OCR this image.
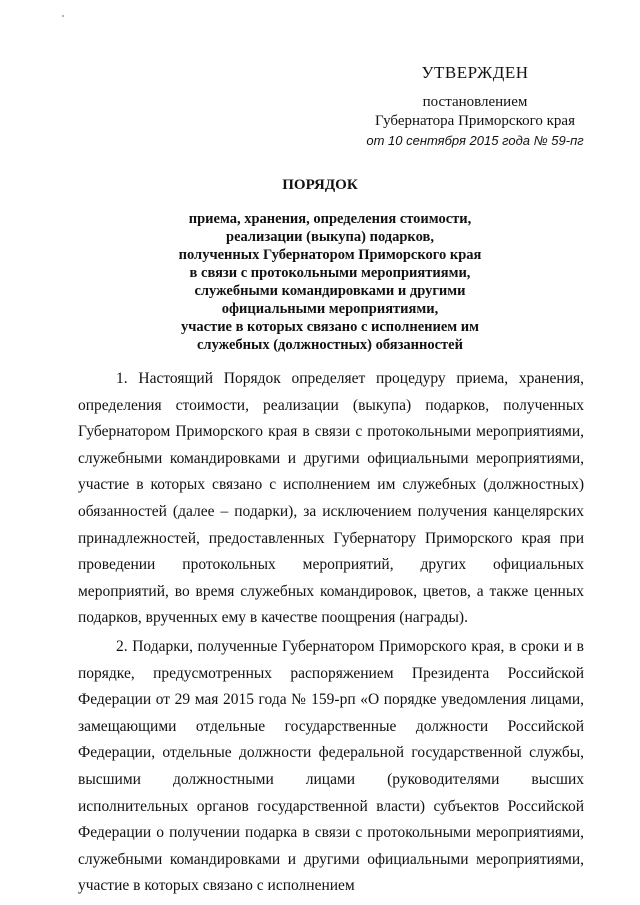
УТВЕРЖДЕН
постановлением
Губернатора Приморского края
от 10 сентября 2015 года № 59-пг
ПОРЯДОК
приема, хранения, определения стоимости,
реализации (выкупа) подарков,
полученных Губернатором Приморского края
в связи с протокольными мероприятиями,
служебными командировками и другими
официальными мероприятиями,
участие в которых связано с исполнением им
служебных (должностных) обязанностей

1. Настоящий Порядок определяет процедуру приема, хранения, определения стоимости, реализации (выкупа) подарков, полученных Губернатором Приморского края в связи с протокольными мероприятиями, служебными командировками и другими официальными мероприятиями, участие в которых связано с исполнением им служебных (должностных) обязанностей (далее – подарки), за исключением получения канцелярских принадлежностей, предоставленных Губернатору Приморского края при проведении протокольных мероприятий, других официальных мероприятий, во время служебных командировок, цветов, а также ценных подарков, врученных ему в качестве поощрения (награды).

2. Подарки, полученные Губернатором Приморского края, в сроки и в порядке, предусмотренных распоряжением Президента Российской Федерации от 29 мая 2015 года № 159-рп «О порядке уведомления лицами, замещающими отдельные государственные должности Российской Федерации, отдельные должности федеральной государственной службы, высшими должностными лицами (руководителями высших исполнительных органов государственной власти) субъектов Российской Федерации о получении подарка в связи с протокольными мероприятиями, служебными командировками и другими официальными мероприятиями, участие в которых связано с исполнением
